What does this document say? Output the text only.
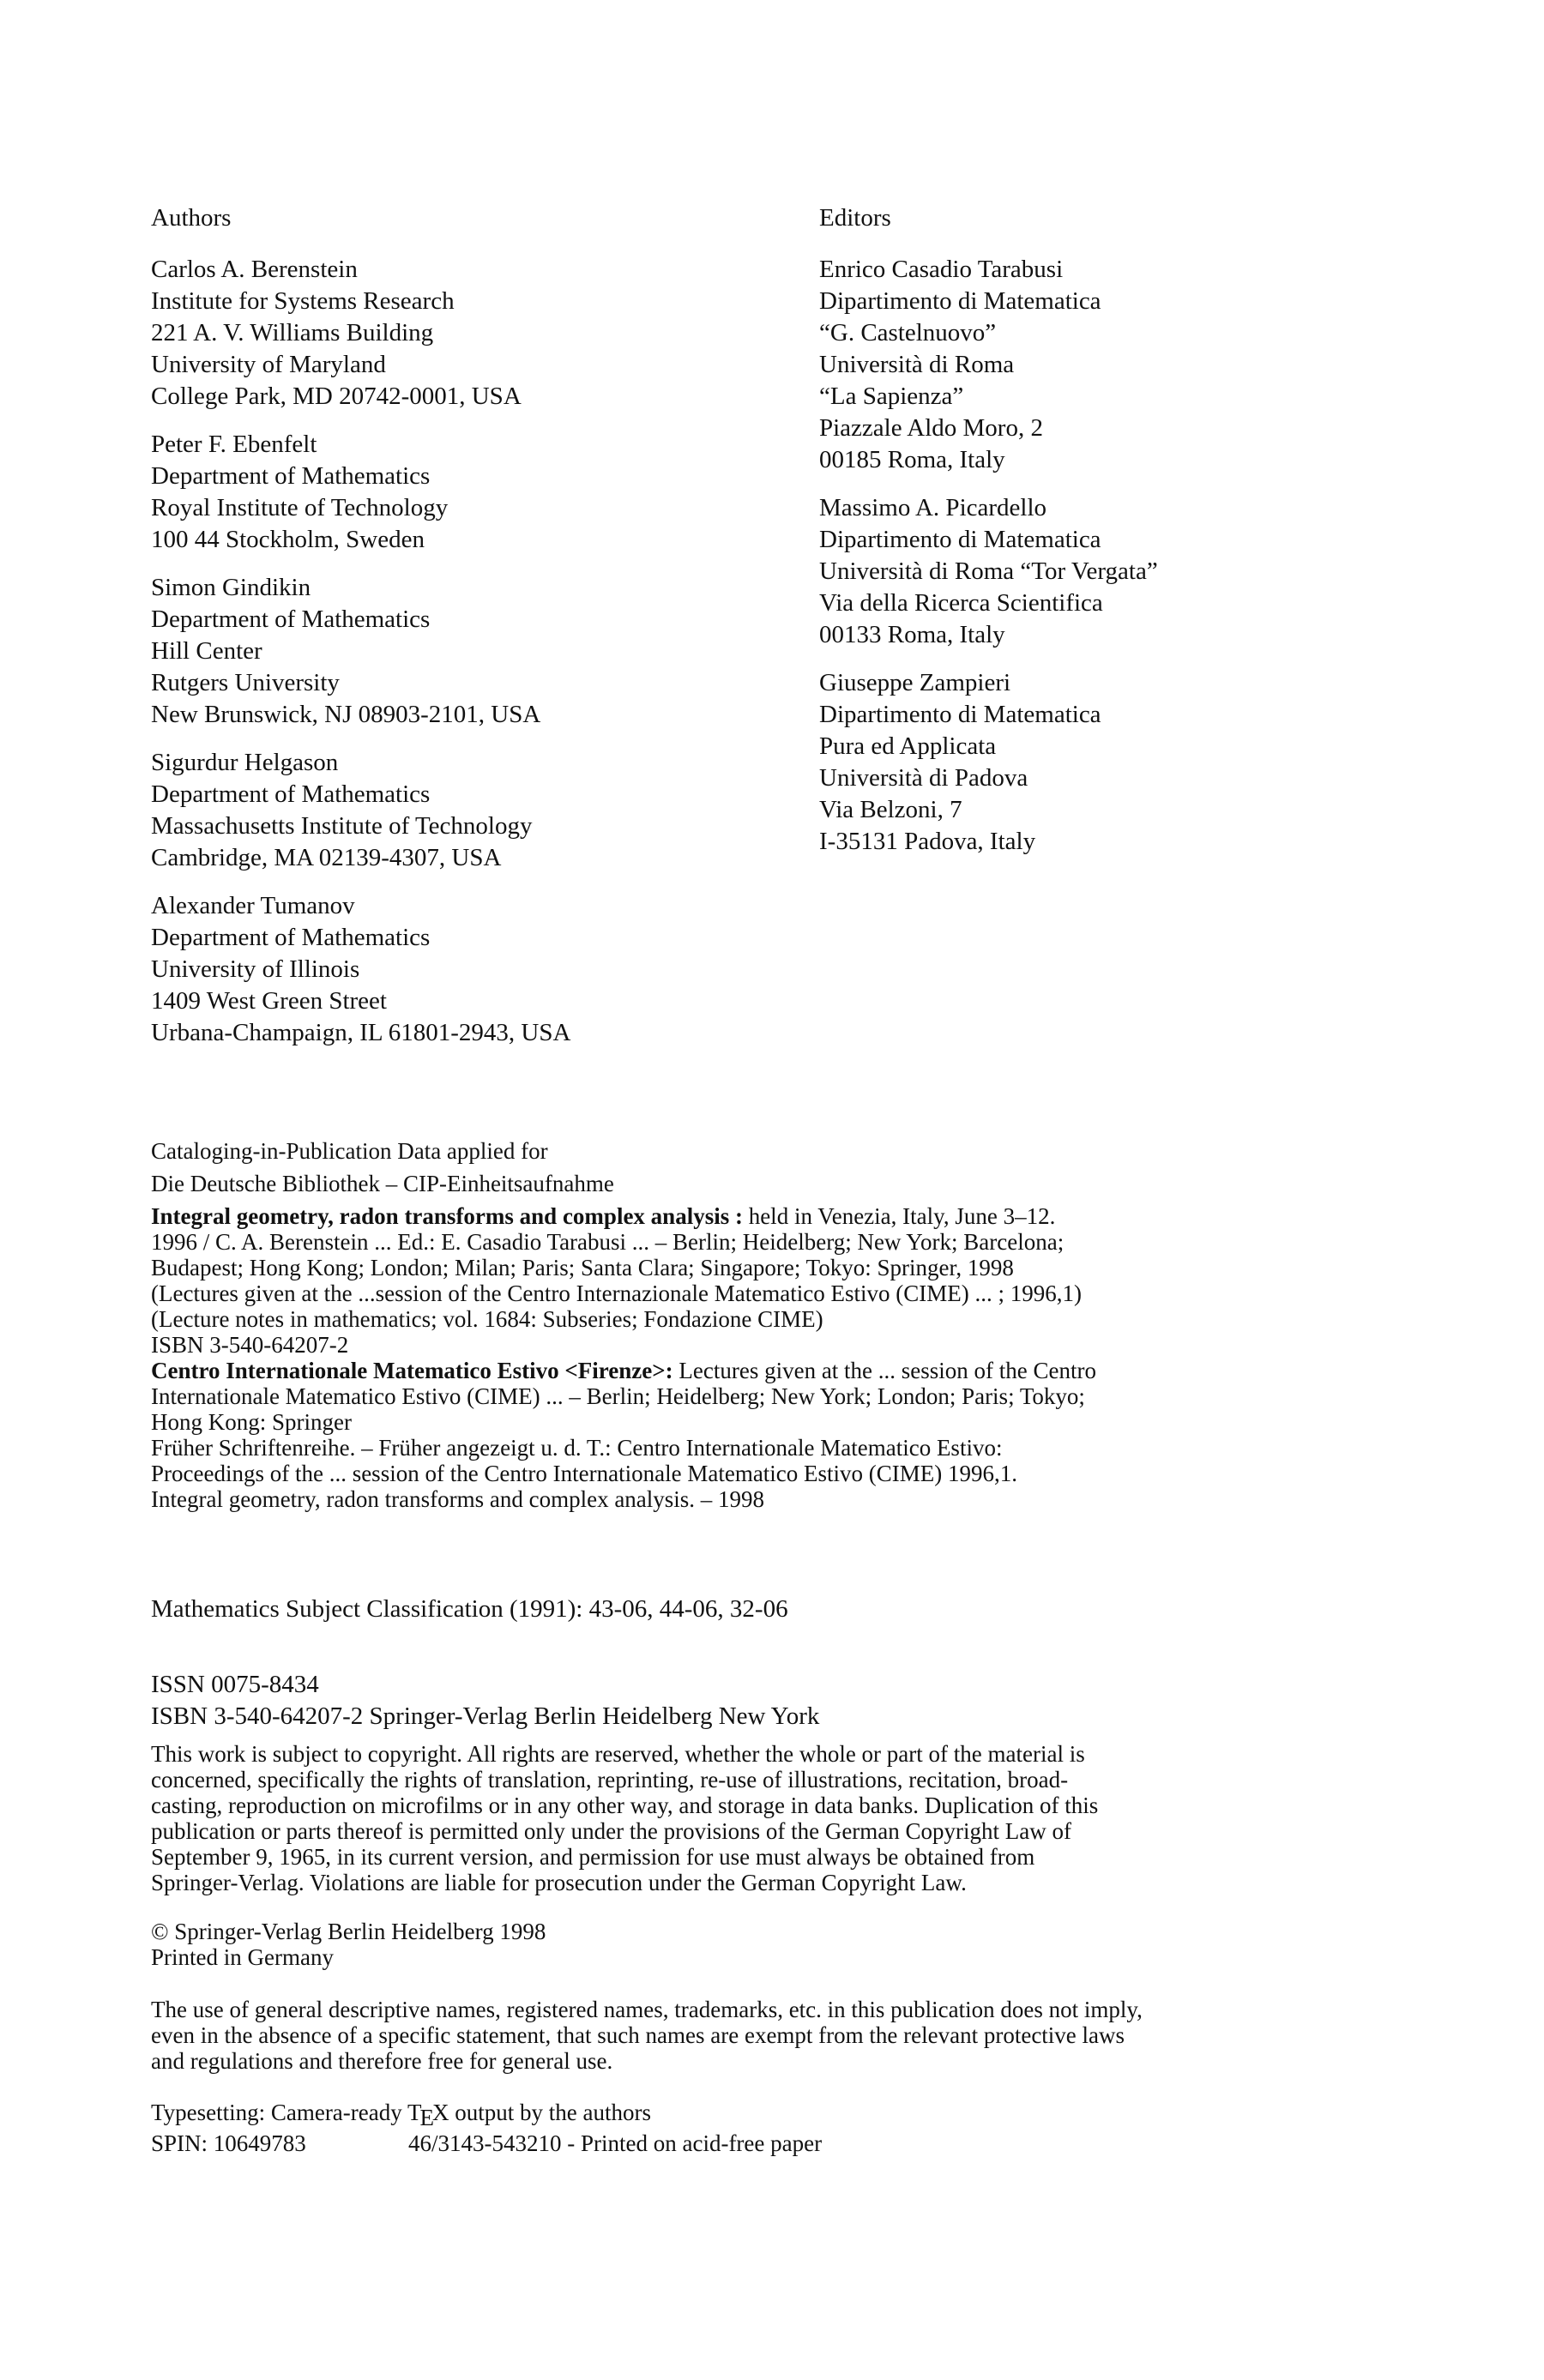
Authors
Carlos A. Berenstein
Institute for Systems Research
221 A. V. Williams Building
University of Maryland
College Park, MD 20742-0001, USA
Peter F. Ebenfelt
Department of Mathematics
Royal Institute of Technology
100 44 Stockholm, Sweden
Simon Gindikin
Department of Mathematics
Hill Center
Rutgers University
New Brunswick, NJ 08903-2101, USA
Sigurdur Helgason
Department of Mathematics
Massachusetts Institute of Technology
Cambridge, MA 02139-4307, USA
Alexander Tumanov
Department of Mathematics
University of Illinois
1409 West Green Street
Urbana-Champaign, IL 61801-2943, USA
Editors
Enrico Casadio Tarabusi
Dipartimento di Matematica
“G. Castelnuovo”
Università di Roma
“La Sapienza”
Piazzale Aldo Moro, 2
00185 Roma, Italy
Massimo A. Picardello
Dipartimento di Matematica
Università di Roma “Tor Vergata”
Via della Ricerca Scientifica
00133 Roma, Italy
Giuseppe Zampieri
Dipartimento di Matematica
Pura ed Applicata
Università di Padova
Via Belzoni, 7
I-35131 Padova, Italy
Cataloging-in-Publication Data applied for
Die Deutsche Bibliothek – CIP-Einheitsaufnahme
Integral geometry, radon transforms and complex analysis : held in Venezia, Italy, June 3–12.
1996 / C. A. Berenstein ... Ed.: E. Casadio Tarabusi ... – Berlin; Heidelberg; New York; Barcelona;
Budapest; Hong Kong; London; Milan; Paris; Santa Clara; Singapore; Tokyo: Springer, 1998
(Lectures given at the ...session of the Centro Internazionale Matematico Estivo (CIME) ... ; 1996,1)
(Lecture notes in mathematics; vol. 1684: Subseries; Fondazione CIME)
ISBN 3-540-64207-2
Centro Internationale Matematico Estivo <Firenze>: Lectures given at the ... session of the Centro
Internationale Matematico Estivo (CIME) ... – Berlin; Heidelberg; New York; London; Paris; Tokyo;
Hong Kong: Springer
Früher Schriftenreihe. – Früher angezeigt u. d. T.: Centro Internationale Matematico Estivo:
Proceedings of the ... session of the Centro Internationale Matematico Estivo (CIME) 1996,1.
Integral geometry, radon transforms and complex analysis. – 1998
Mathematics Subject Classification (1991): 43-06, 44-06, 32-06
ISSN 0075-8434
ISBN 3-540-64207-2 Springer-Verlag Berlin Heidelberg New York
This work is subject to copyright. All rights are reserved, whether the whole or part of the material is
concerned, specifically the rights of translation, reprinting, re-use of illustrations, recitation, broad-
casting, reproduction on microfilms or in any other way, and storage in data banks. Duplication of this
publication or parts thereof is permitted only under the provisions of the German Copyright Law of
September 9, 1965, in its current version, and permission for use must always be obtained from
Springer-Verlag. Violations are liable for prosecution under the German Copyright Law.
© Springer-Verlag Berlin Heidelberg 1998
Printed in Germany
The use of general descriptive names, registered names, trademarks, etc. in this publication does not imply,
even in the absence of a specific statement, that such names are exempt from the relevant protective laws
and regulations and therefore free for general use.
Typesetting: Camera-ready $T_EX$ output by the authors
SPIN: 10649783	46/3143-543210 - Printed on acid-free paper
